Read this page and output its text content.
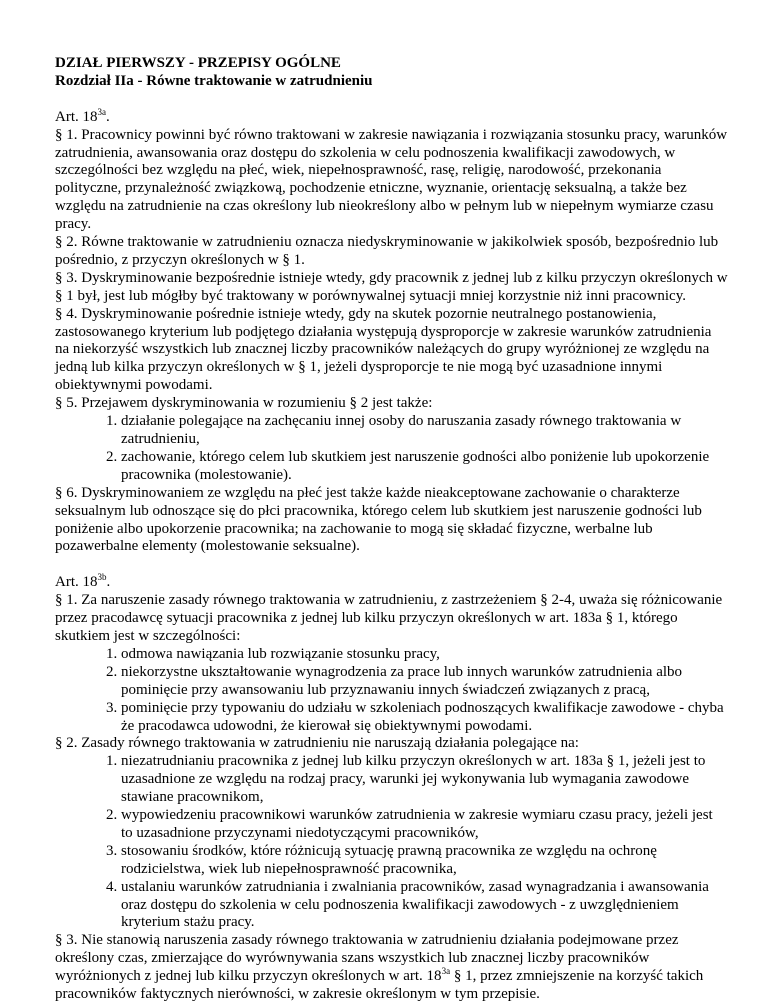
DZIAŁ PIERWSZY - PRZEPISY OGÓLNE

Rozdział IIa - Równe traktowanie w zatrudnieniu

Art. $18^{3a}$.

§ 1. Pracownicy powinni być równo traktowani w zakresie nawiązania i rozwiązania stosunku pracy, warunków zatrudnienia, awansowania oraz dostępu do szkolenia w celu podnoszenia kwalifikacji zawodowych, w szczególności bez względu na płeć, wiek, niepełnosprawność, rasę, religię, narodowość, przekonania polityczne, przynależność związkową, pochodzenie etniczne, wyznanie, orientację seksualną, a także bez względu na zatrudnienie na czas określony lub nieokreślony albo w pełnym lub w niepełnym wymiarze czasu pracy.

§ 2. Równe traktowanie w zatrudnieniu oznacza niedyskryminowanie w jakikolwiek sposób, bezpośrednio lub pośrednio, z przyczyn określonych w § 1.

§ 3. Dyskryminowanie bezpośrednie istnieje wtedy, gdy pracownik z jednej lub z kilku przyczyn określonych w § 1 był, jest lub mógłby być traktowany w porównywalnej sytuacji mniej korzystnie niż inni pracownicy.

§ 4. Dyskryminowanie pośrednie istnieje wtedy, gdy na skutek pozornie neutralnego postanowienia, zastosowanego kryterium lub podjętego działania występują dysproporcje w zakresie warunków zatrudnienia na niekorzyść wszystkich lub znacznej liczby pracowników należących do grupy wyróżnionej ze względu na jedną lub kilka przyczyn określonych w § 1, jeżeli dysproporcje te nie mogą być uzasadnione innymi obiektywnymi powodami.

§ 5. Przejawem dyskryminowania w rozumieniu § 2 jest także:

1. działanie polegające na zachęcaniu innej osoby do naruszania zasady równego traktowania w zatrudnieniu,
2. zachowanie, którego celem lub skutkiem jest naruszenie godności albo poniżenie lub upokorzenie pracownika (molestowanie).

§ 6. Dyskryminowaniem ze względu na płeć jest także każde nieakceptowane zachowanie o charakterze seksualnym lub odnoszące się do płci pracownika, którego celem lub skutkiem jest naruszenie godności lub poniżenie albo upokorzenie pracownika; na zachowanie to mogą się składać fizyczne, werbalne lub pozawerbalne elementy (molestowanie seksualne).

Art. $18^{3b}$.

§ 1. Za naruszenie zasady równego traktowania w zatrudnieniu, z zastrzeżeniem § 2-4, uważa się różnicowanie przez pracodawcę sytuacji pracownika z jednej lub kilku przyczyn określonych w art. 183a § 1, którego skutkiem jest w szczególności:

1. odmowa nawiązania lub rozwiązanie stosunku pracy,
2. niekorzystne ukształtowanie wynagrodzenia za prace lub innych warunków zatrudnienia albo pominięcie przy awansowaniu lub przyznawaniu innych świadczeń związanych z pracą,
3. pominięcie przy typowaniu do udziału w szkoleniach podnoszących kwalifikacje zawodowe - chyba że pracodawca udowodni, że kierował się obiektywnymi powodami.

§ 2. Zasady równego traktowania w zatrudnieniu nie naruszają działania polegające na:

1. niezatrudnianiu pracownika z jednej lub kilku przyczyn określonych w art. 183a § 1, jeżeli jest to uzasadnione ze względu na rodzaj pracy, warunki jej wykonywania lub wymagania zawodowe stawiane pracownikom,
2. wypowiedzeniu pracownikowi warunków zatrudnienia w zakresie wymiaru czasu pracy, jeżeli jest to uzasadnione przyczynami niedotyczącymi pracowników,
3. stosowaniu środków, które różnicują sytuację prawną pracownika ze względu na ochronę rodzicielstwa, wiek lub niepełnosprawność pracownika,
4. ustalaniu warunków zatrudniania i zwalniania pracowników, zasad wynagradzania i awansowania oraz dostępu do szkolenia w celu podnoszenia kwalifikacji zawodowych - z uwzględnieniem kryterium stażu pracy.

§ 3. Nie stanowią naruszenia zasady równego traktowania w zatrudnieniu działania podejmowane przez określony czas, zmierzające do wyrównywania szans wszystkich lub znacznej liczby pracowników wyróżnionych z jednej lub kilku przyczyn określonych w art. $18^{3a}$ § 1, przez zmniejszenie na korzyść takich pracowników faktycznych nierówności, w zakresie określonym w tym przepisie.
